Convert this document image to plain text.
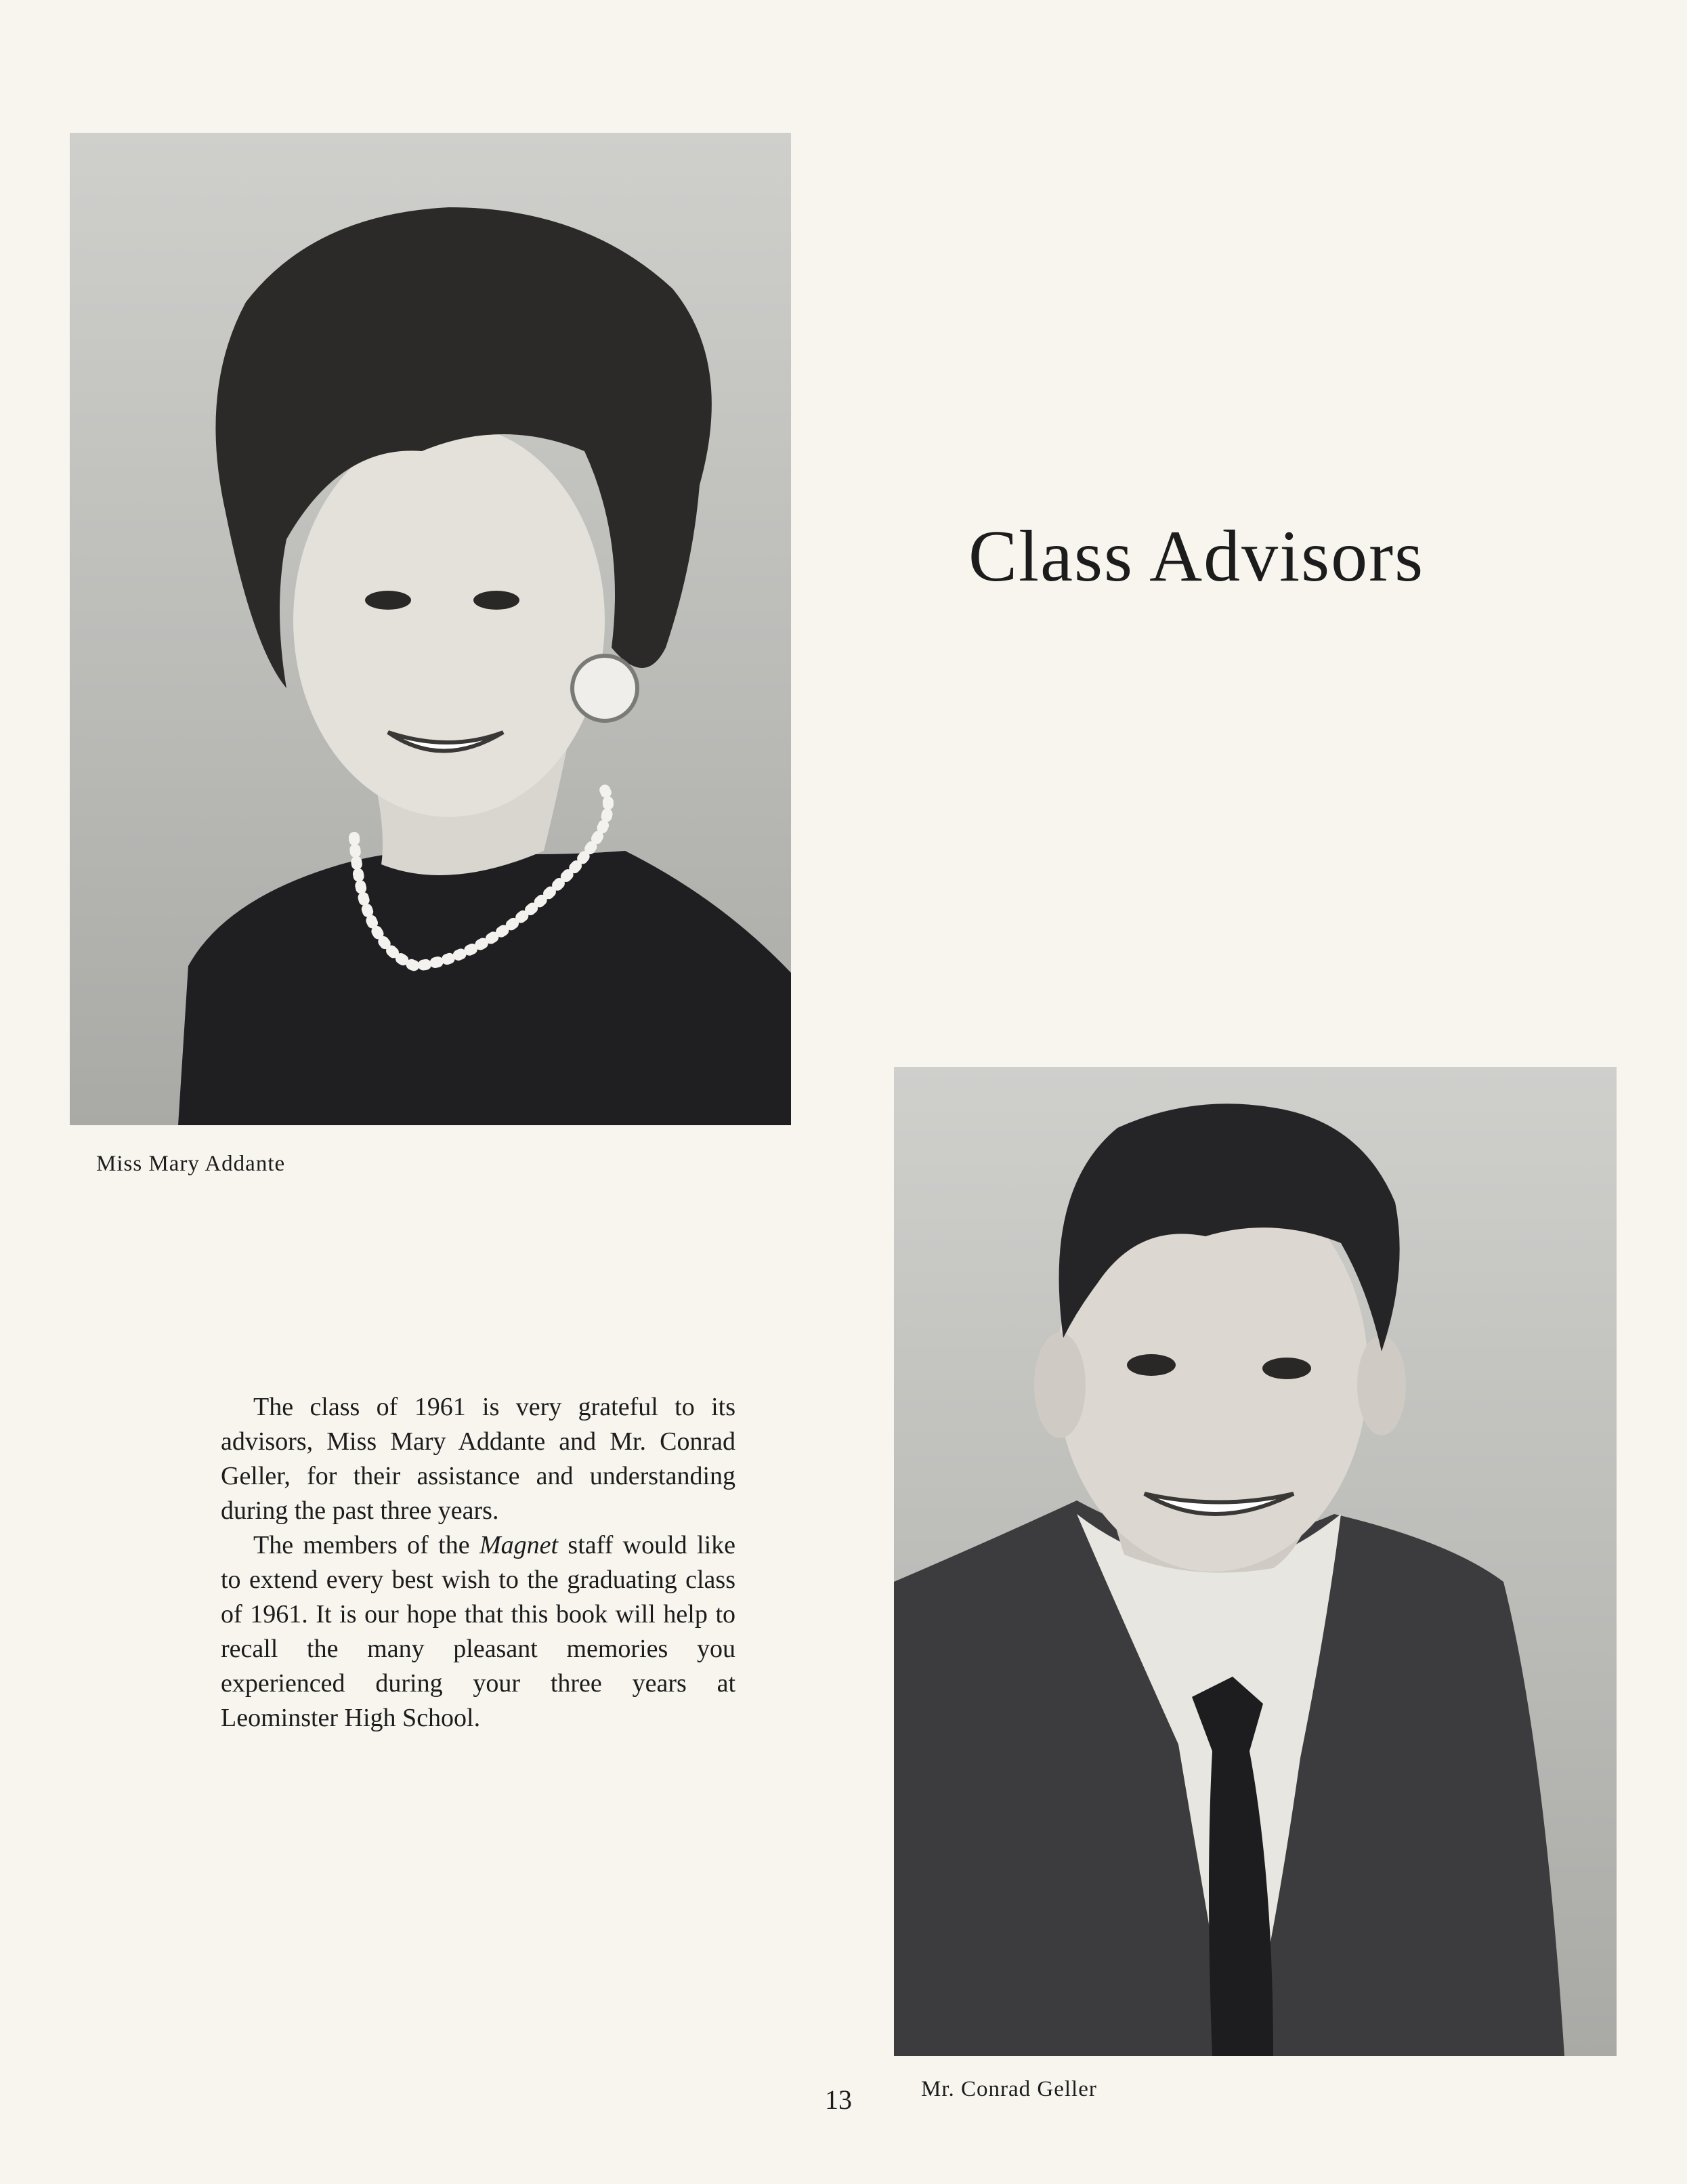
Class Advisors
Miss Mary Addante

The class of 1961 is very grateful to its advisors, Miss Mary Addante and Mr. Conrad Geller, for their assistance and understanding during the past three years.

The members of the Magnet staff would like to extend every best wish to the graduating class of 1961. It is our hope that this book will help to recall the many pleasant memories you experienced during your three years at Leominster High School.

13	Mr. Conrad Geller
